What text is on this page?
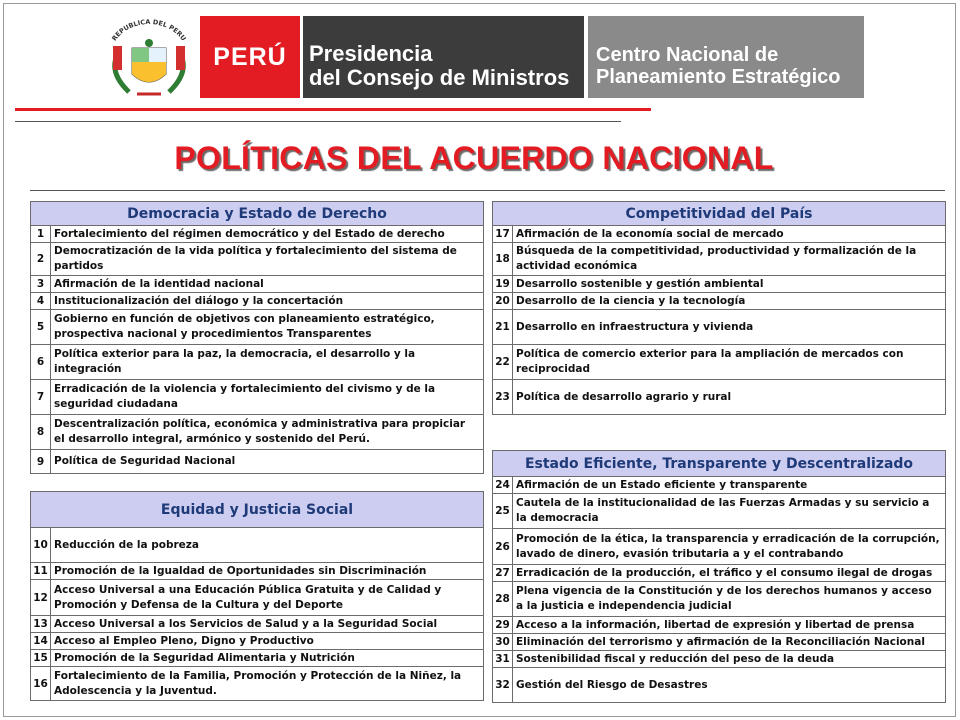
REPUBLICA DEL PERU
PERÚ Presidencia
del Consejo de Ministros
Centro Nacional de
Planeamiento Estratégico
POLÍTICAS DEL ACUERDO NACIONAL
Democracia y Estado de Derecho	
1	Fortalecimiento del régimen democrático y del Estado de derecho
2	Democratización de la vida política y fortalecimiento del sistema de partidos
3	Afirmación de la identidad nacional
4	Institucionalización del diálogo y la concertación
5	Gobierno en función de objetivos con planeamiento estratégico, prospectiva nacional y procedimientos Transparentes
6	Política exterior para la paz, la democracia, el desarrollo y la integración
7	Erradicación de la violencia y fortalecimiento del civismo y de la seguridad ciudadana
8	Descentralización política, económica y administrativa para propiciar el desarrollo integral, armónico y sostenido del Perú.
9	Política de Seguridad Nacional
Equidad y Justicia Social	
10	Reducción de la pobreza
11	Promoción de la Igualdad de Oportunidades sin Discriminación
12	Acceso Universal a una Educación Pública Gratuita y de Calidad y Promoción y Defensa de la Cultura y del Deporte
13	Acceso Universal a los Servicios de Salud y a la Seguridad Social
14	Acceso al Empleo Pleno, Digno y Productivo
15	Promoción de la Seguridad Alimentaria y Nutrición
16	Fortalecimiento de la Familia, Promoción y Protección de la Niñez, la Adolescencia y la Juventud.
Competitividad del País	
17	Afirmación de la economía social de mercado
18	Búsqueda de la competitividad, productividad y formalización de la actividad económica
19	Desarrollo sostenible y gestión ambiental
20	Desarrollo de la ciencia y la tecnología
21	Desarrollo en infraestructura y vivienda
22	Política de comercio exterior para la ampliación de mercados con reciprocidad
23	Política de desarrollo agrario y rural
Estado Eficiente, Transparente y Descentralizado	
24	Afirmación de un Estado eficiente y transparente
25	Cautela de la institucionalidad de las Fuerzas Armadas y su servicio a la democracia
26	Promoción de la ética, la transparencia y erradicación de la corrupción, lavado de dinero, evasión tributaria a y el contrabando
27	Erradicación de la producción, el tráfico y el consumo ilegal de drogas
28	Plena vigencia de la Constitución y de los derechos humanos y acceso a la justicia e independencia judicial
29	Acceso a la información, libertad de expresión y libertad de prensa
30	Eliminación del terrorismo y afirmación de la Reconciliación Nacional
31	Sostenibilidad fiscal y reducción del peso de la deuda
32	Gestión del Riesgo de Desastres
